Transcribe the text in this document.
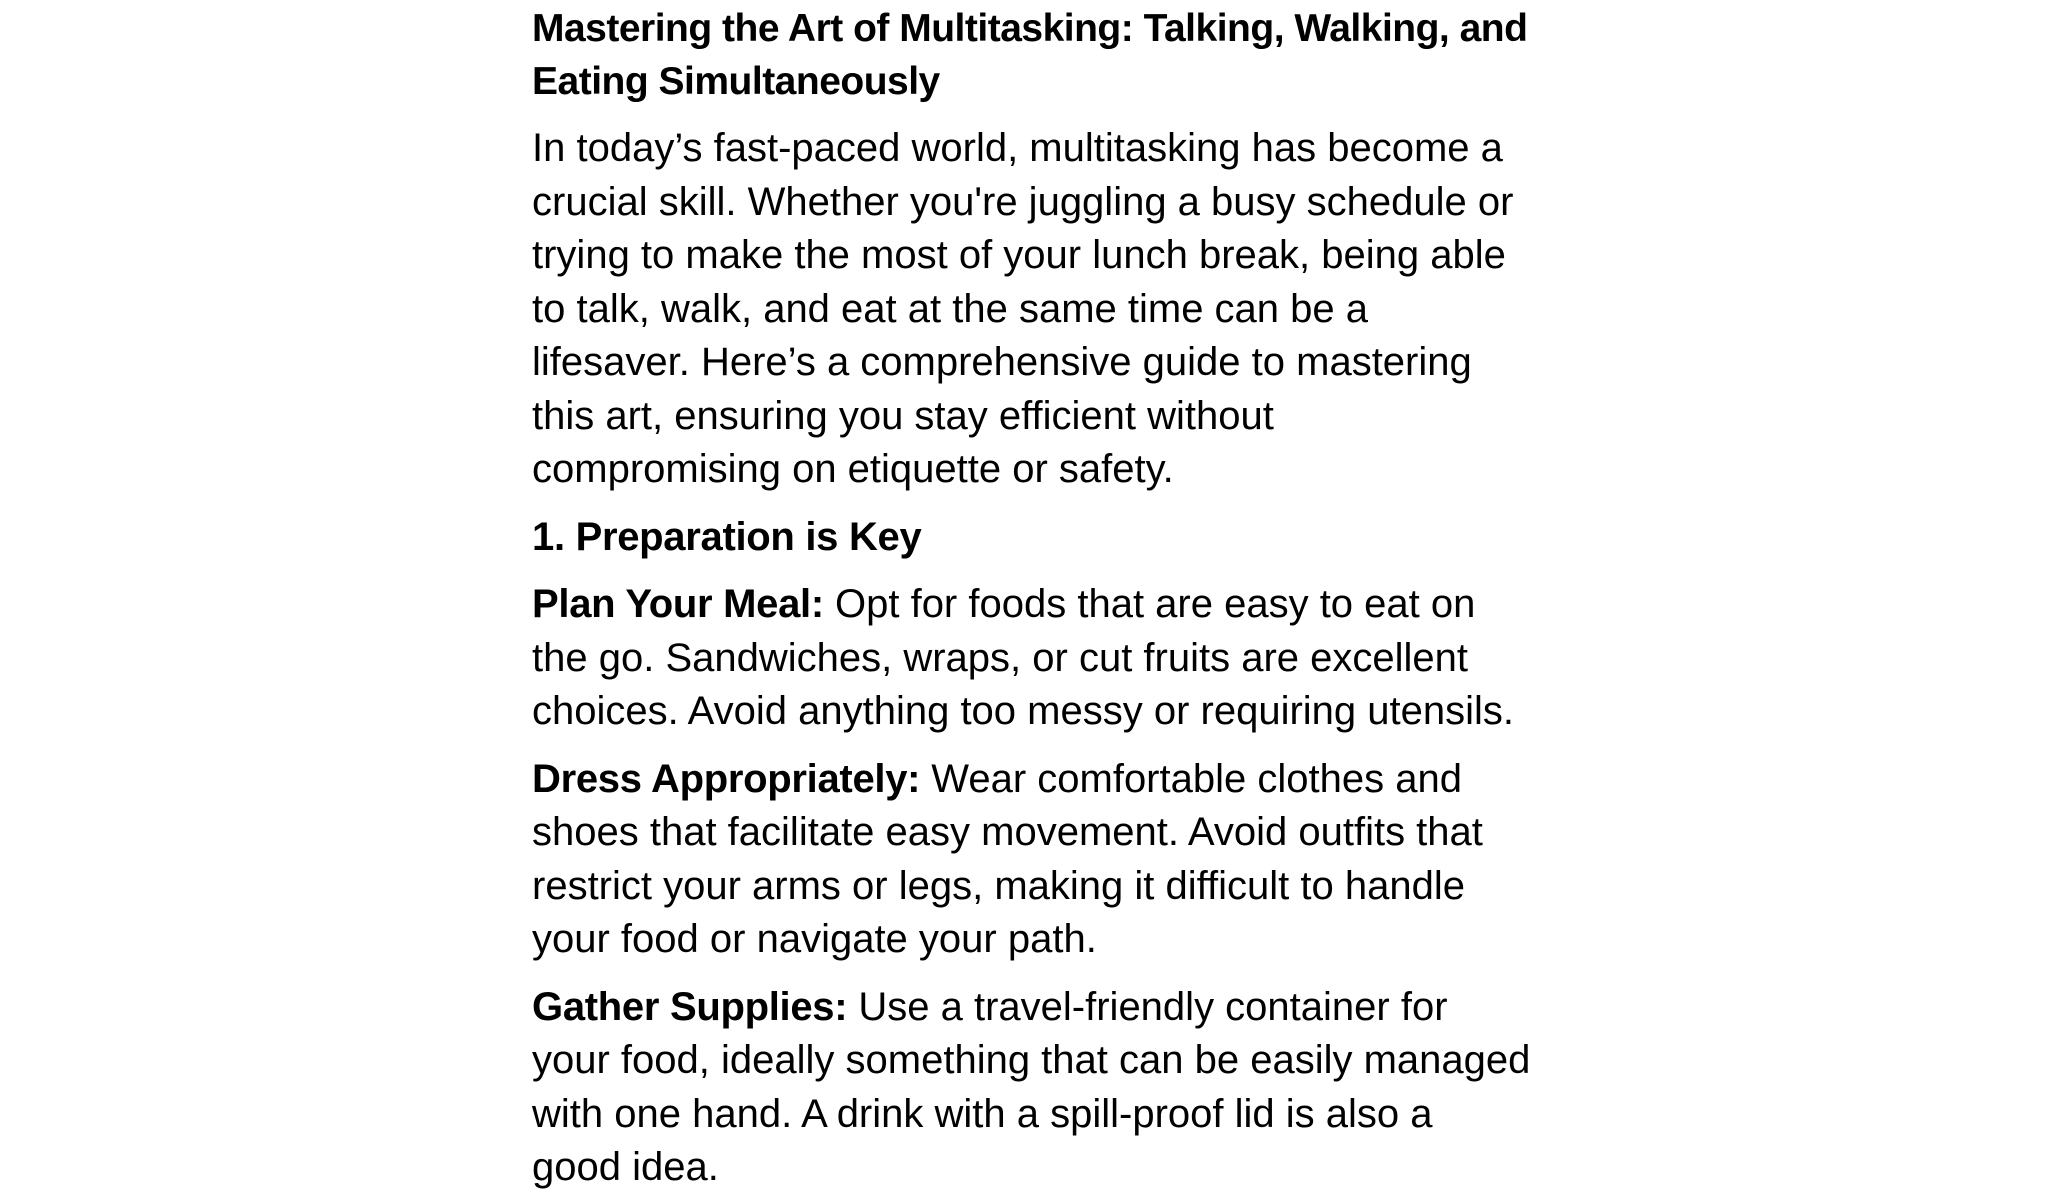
Mastering the Art of Multitasking: Talking, Walking, and Eating Simultaneously

In today’s fast-paced world, multitasking has become a crucial skill. Whether you're juggling a busy schedule or trying to make the most of your lunch break, being able to talk, walk, and eat at the same time can be a lifesaver. Here’s a comprehensive guide to mastering this art, ensuring you stay efficient without compromising on etiquette or safety.

1. Preparation is Key

Plan Your Meal: Opt for foods that are easy to eat on the go. Sandwiches, wraps, or cut fruits are excellent choices. Avoid anything too messy or requiring utensils.

Dress Appropriately: Wear comfortable clothes and shoes that facilitate easy movement. Avoid outfits that restrict your arms or legs, making it difficult to handle your food or navigate your path.

Gather Supplies: Use a travel-friendly container for your food, ideally something that can be easily managed with one hand. A drink with a spill-proof lid is also a good idea.
